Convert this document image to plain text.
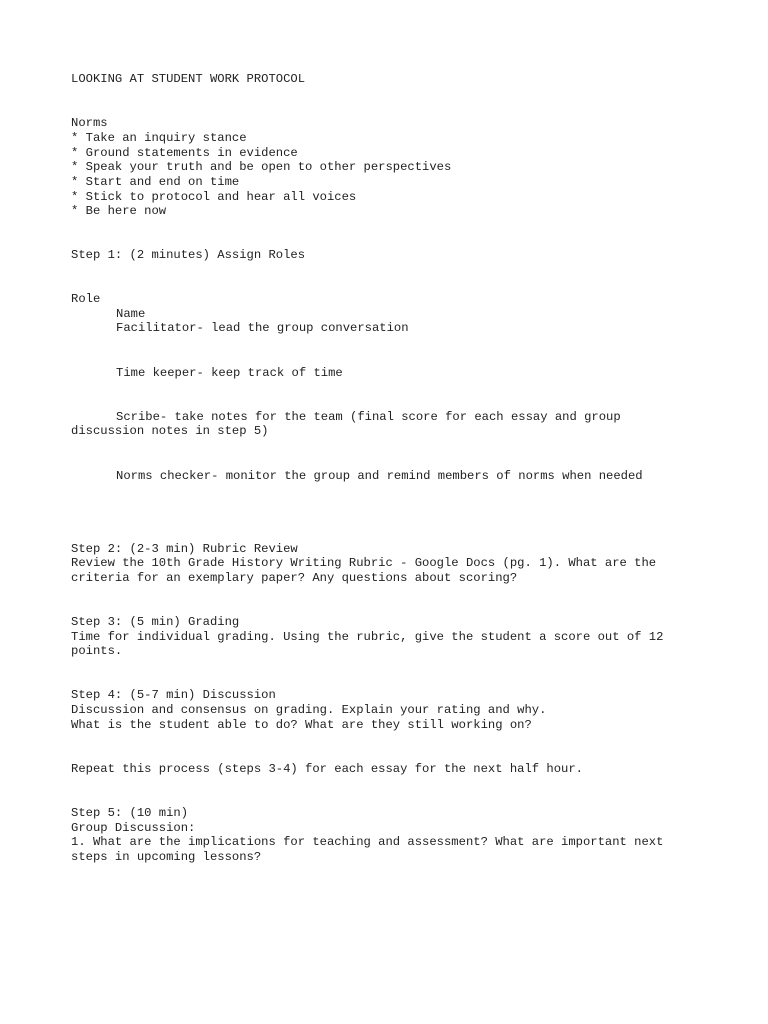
LOOKING AT STUDENT WORK PROTOCOL

Norms

* Take an inquiry stance

* Ground statements in evidence

* Speak your truth and be open to other perspectives

* Start and end on time

* Stick to protocol and hear all voices

* Be here now

Step 1: (2 minutes) Assign Roles

Role

Name

Facilitator- lead the group conversation

Time keeper- keep track of time

Scribe- take notes for the team (final score for each essay and group

discussion notes in step 5)

Norms checker- monitor the group and remind members of norms when needed

Step 2: (2-3 min) Rubric Review

Review the 10th Grade History Writing Rubric - Google Docs (pg. 1). What are the

criteria for an exemplary paper? Any questions about scoring?

Step 3: (5 min) Grading

Time for individual grading. Using the rubric, give the student a score out of 12

points.

Step 4: (5-7 min) Discussion

Discussion and consensus on grading. Explain your rating and why.

What is the student able to do? What are they still working on?

Repeat this process (steps 3-4) for each essay for the next half hour.

Step 5: (10 min)

Group Discussion:

1. What are the implications for teaching and assessment? What are important next

steps in upcoming lessons?
